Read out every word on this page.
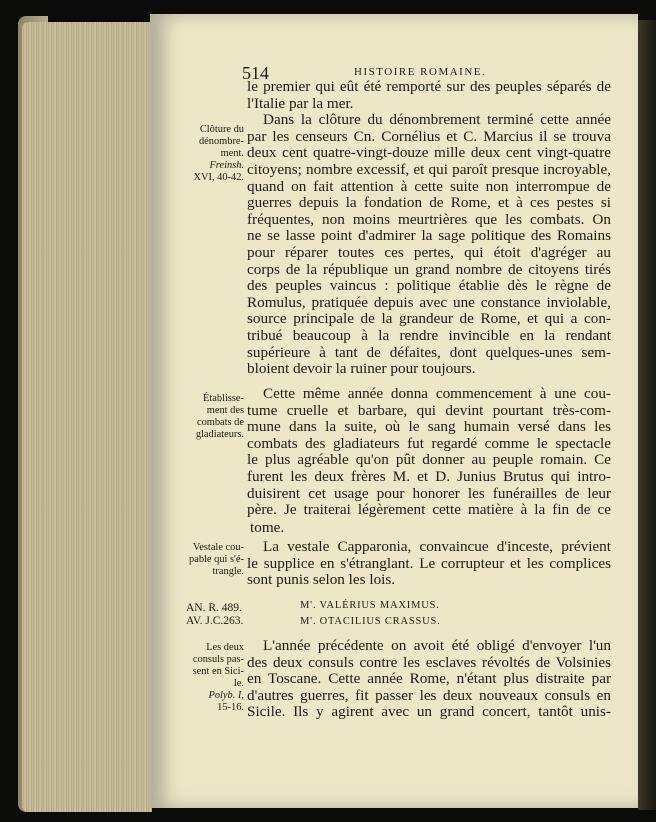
514	HISTOIRE ROMAINE.
Clôture du
dénombre-
ment.
Freinsh.
XVI, 40-42.
Établisse-
ment des
combats de
gladiateurs.
Vestale cou-
pable qui s'é-
trangle.
AN. R. 489.
AV. J.C.263.
Les deux
consuls pas-
sent en Sici-
le.
Polyb. I,
15-16.
M'. VALÉRIUS MAXIMUS.
M'. OTACILIUS CRASSUS.
le premier qui eût été remporté sur des peuples séparés de
l'Italie par la mer.
Dans la clôture du dénombrement terminé cette année
par les censeurs Cn. Cornélius et C. Marcius il se trouva
deux cent quatre-vingt-douze mille deux cent vingt-quatre
citoyens; nombre excessif, et qui paroît presque incroyable,
quand on fait attention à cette suite non interrompue de
guerres depuis la fondation de Rome, et à ces pestes si
fréquentes, non moins meurtrières que les combats. On
ne se lasse point d'admirer la sage politique des Romains
pour réparer toutes ces pertes, qui étoit d'agréger au
corps de la république un grand nombre de citoyens tirés
des peuples vaincus : politique établie dès le règne de
Romulus, pratiquée depuis avec une constance inviolable,
source principale de la grandeur de Rome, et qui a con-
tribué beaucoup à la rendre invincible en la rendant
supérieure à tant de défaites, dont quelques-unes sem-
bloient devoir la ruiner pour toujours.
Cette même année donna commencement à une cou-
tume cruelle et barbare, qui devint pourtant très-com-
mune dans la suite, où le sang humain versé dans les
combats des gladiateurs fut regardé comme le spectacle
le plus agréable qu'on pût donner au peuple romain. Ce
furent les deux frères M. et D. Junius Brutus qui intro-
duisirent cet usage pour honorer les funérailles de leur
père. Je traiterai légèrement cette matière à la fin de ce
tome.
L'année précédente on avoit été obligé d'envoyer l'un
des deux consuls contre les esclaves révoltés de Volsinies
en Toscane. Cette année Rome, n'étant plus distraite par
d'autres guerres, fit passer les deux nouveaux consuls en
Sicile. Ils y agirent avec un grand concert, tantôt unis-
La vestale Capparonia, convaincue d'inceste, prévient
le supplice en s'étranglant. Le corrupteur et les complices
sont punis selon les lois.
